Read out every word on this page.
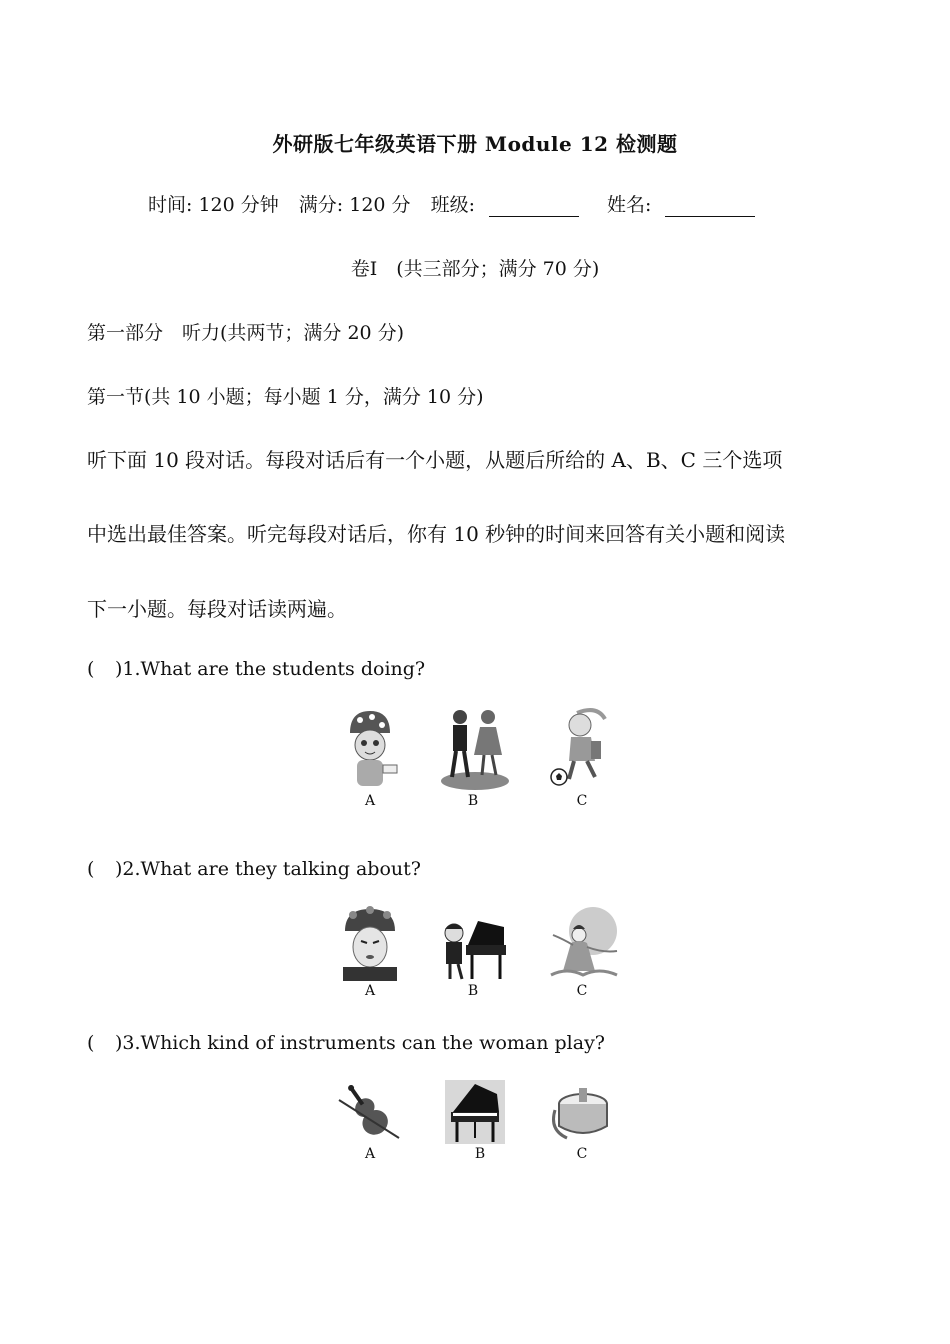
外研版七年级英语下册 Module 12 检测题
时间: 120 分钟 满分: 120 分 班级:	姓名:
卷Ⅰ　(共三部分；满分 70 分)
第一部分　听力(共两节；满分 20 分)
第一节(共 10 小题；每小题 1 分，满分 10 分)
听下面 10 段对话。每段对话后有一个小题，从题后所给的 A、B、C 三个选项
中选出最佳答案。听完每段对话后，你有 10 秒钟的时间来回答有关小题和阅读
下一小题。每段对话读两遍。
( )1.What are the students doing?
A	B	C
( )2.What are they talking about?
A	B	C
( )3.Which kind of instruments can the woman play?
A	B	C
